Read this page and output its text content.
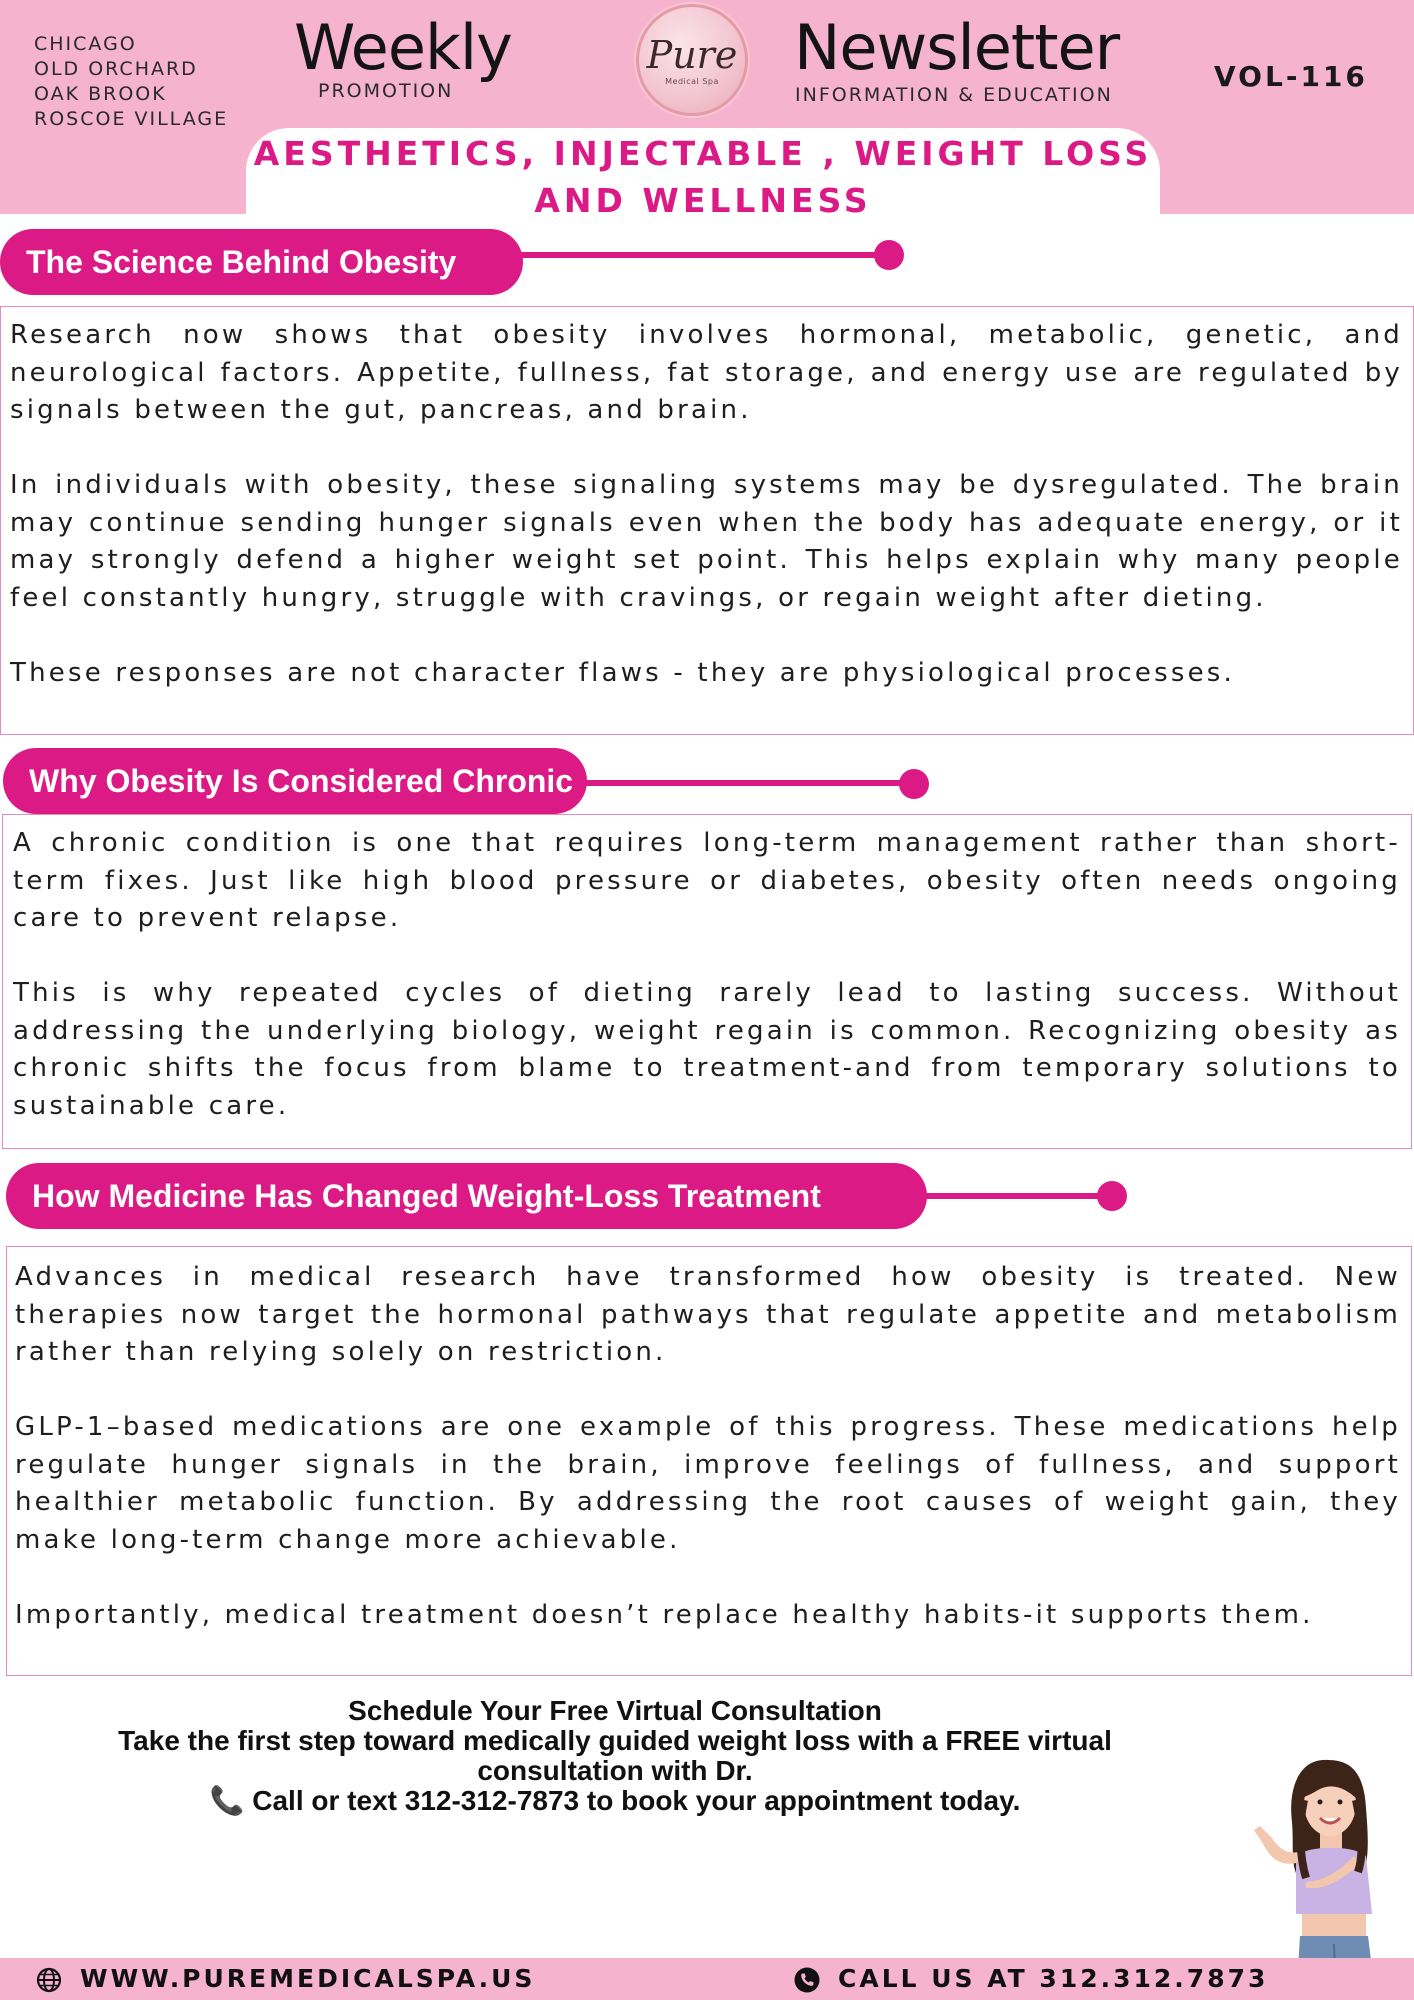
CHICAGO
OLD ORCHARD
OAK BROOK
ROSCOE VILLAGE
Weekly
PROMOTION
Pure
Medical Spa	Newsletter
INFORMATION & EDUCATION
VOL-116
AESTHETICS, INJECTABLE , WEIGHT LOSS
AND WELLNESS
The Science Behind Obesity

Research now shows that obesity involves hormonal, metabolic, genetic, and neurological factors. Appetite, fullness, fat storage, and energy use are regulated by signals between the gut, pancreas, and brain.

In individuals with obesity, these signaling systems may be dysregulated. The brain may continue sending hunger signals even when the body has adequate energy, or it may strongly defend a higher weight set point. This helps explain why many people feel constantly hungry, struggle with cravings, or regain weight after dieting.

These responses are not character flaws - they are physiological processes.

Why Obesity Is Considered Chronic

A chronic condition is one that requires long-term management rather than short-term fixes. Just like high blood pressure or diabetes, obesity often needs ongoing care to prevent relapse.

This is why repeated cycles of dieting rarely lead to lasting success. Without addressing the underlying biology, weight regain is common. Recognizing obesity as chronic shifts the focus from blame to treatment-and from temporary solutions to sustainable care.

How Medicine Has Changed Weight-Loss Treatment

Advances in medical research have transformed how obesity is treated. New therapies now target the hormonal pathways that regulate appetite and metabolism rather than relying solely on restriction.

GLP-1–based medications are one example of this progress. These medications help regulate hunger signals in the brain, improve feelings of fullness, and support healthier metabolic function. By addressing the root causes of weight gain, they make long-term change more achievable.

Importantly, medical treatment doesn’t replace healthy habits-it supports them.

Schedule Your Free Virtual Consultation
Take the first step toward medically guided weight loss with a FREE virtual consultation with Dr.
📞 Call or text 312-312-7873 to book your appointment today.
WWW.PUREMEDICALSPA.US	CALL US AT 312.312.7873
